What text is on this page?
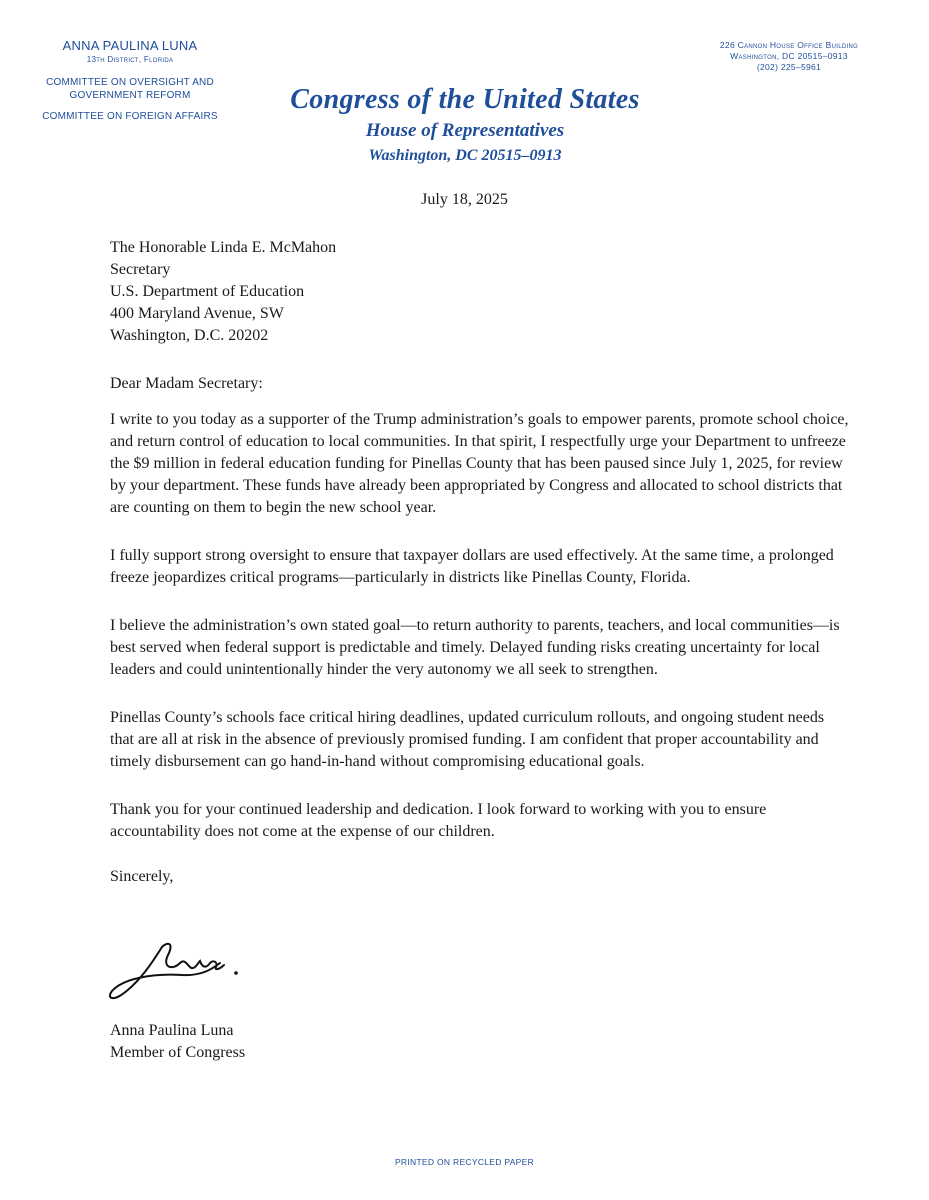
ANNA PAULINA LUNA
13th District, Florida
COMMITTEE ON OVERSIGHT AND
GOVERNMENT REFORM
COMMITTEE ON FOREIGN AFFAIRS
226 Cannon House Office Building
Washington, DC 20515–0913
(202) 225–5961
Congress of the United States
House of Representatives
Washington, DC 20515–0913
July 18, 2025
The Honorable Linda E. McMahon
Secretary
U.S. Department of Education
400 Maryland Avenue, SW
Washington, D.C. 20202

Dear Madam Secretary:

I write to you today as a supporter of the Trump administration’s goals to empower parents, promote school choice, and return control of education to local communities. In that spirit, I respectfully urge your Department to unfreeze the $9 million in federal education funding for Pinellas County that has been paused since July 1, 2025, for review by your department. These funds have already been appropriated by Congress and allocated to school districts that are counting on them to begin the new school year.

I fully support strong oversight to ensure that taxpayer dollars are used effectively. At the same time, a prolonged freeze jeopardizes critical programs—particularly in districts like Pinellas County, Florida.

I believe the administration’s own stated goal—to return authority to parents, teachers, and local communities—is best served when federal support is predictable and timely. Delayed funding risks creating uncertainty for local leaders and could unintentionally hinder the very autonomy we all seek to strengthen.

Pinellas County’s schools face critical hiring deadlines, updated curriculum rollouts, and ongoing student needs that are all at risk in the absence of previously promised funding. I am confident that proper accountability and timely disbursement can go hand-in-hand without compromising educational goals.

Thank you for your continued leadership and dedication. I look forward to working with you to ensure accountability does not come at the expense of our children.

Sincerely,

Anna Paulina Luna
Member of Congress
PRINTED ON RECYCLED PAPER
